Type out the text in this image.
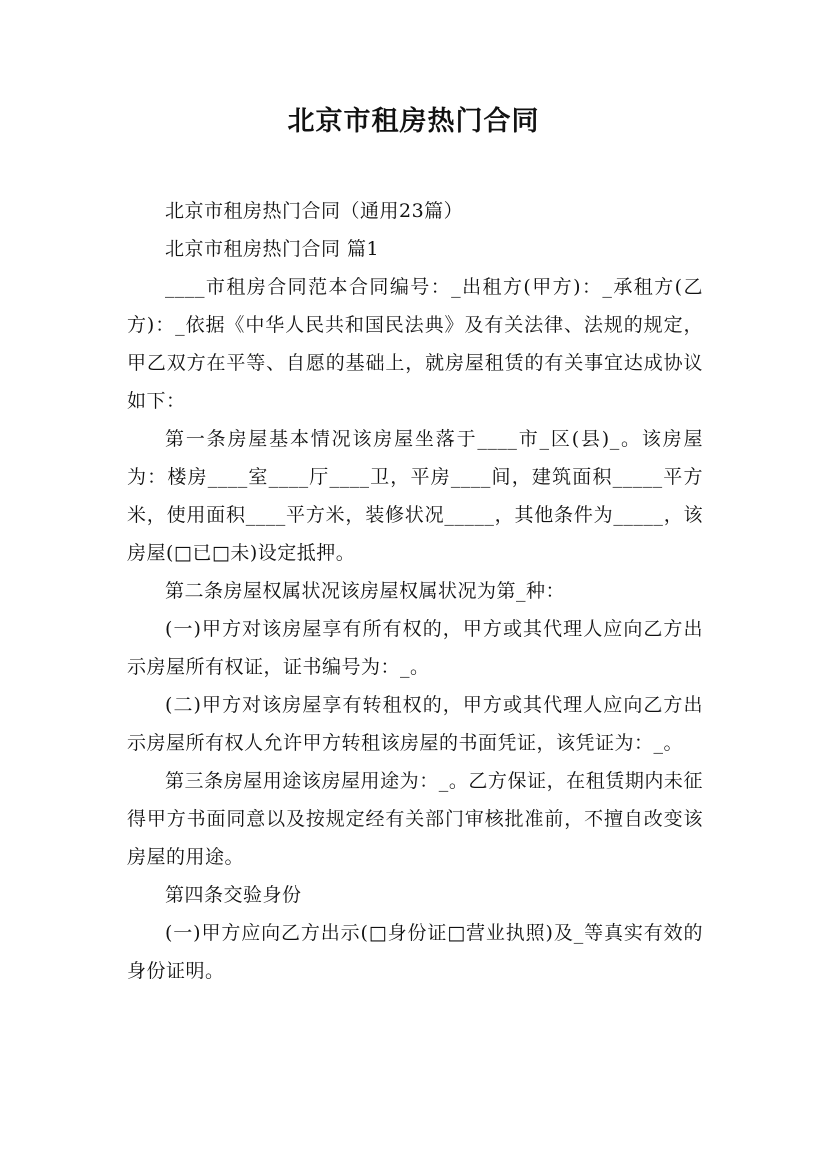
北京市租房热门合同

北京市租房热门合同（通用23篇）

北京市租房热门合同 篇1

____市租房合同范本合同编号：_出租方(甲方)：_承租方(乙方)：_依据《中华人民共和国民法典》及有关法律、法规的规定，甲乙双方在平等、自愿的基础上，就房屋租赁的有关事宜达成协议如下：

第一条房屋基本情况该房屋坐落于____市_区(县)_。该房屋为：楼房____室____厅____卫，平房____间，建筑面积_____平方米，使用面积____平方米，装修状况_____，其他条件为_____，该房屋(□已□未)设定抵押。

第二条房屋权属状况该房屋权属状况为第_种：

(一)甲方对该房屋享有所有权的，甲方或其代理人应向乙方出示房屋所有权证，证书编号为：_。

(二)甲方对该房屋享有转租权的，甲方或其代理人应向乙方出示房屋所有权人允许甲方转租该房屋的书面凭证，该凭证为：_。

第三条房屋用途该房屋用途为：_。乙方保证，在租赁期内未征得甲方书面同意以及按规定经有关部门审核批准前，不擅自改变该房屋的用途。

第四条交验身份

(一)甲方应向乙方出示(□身份证□营业执照)及_等真实有效的身份证明。
